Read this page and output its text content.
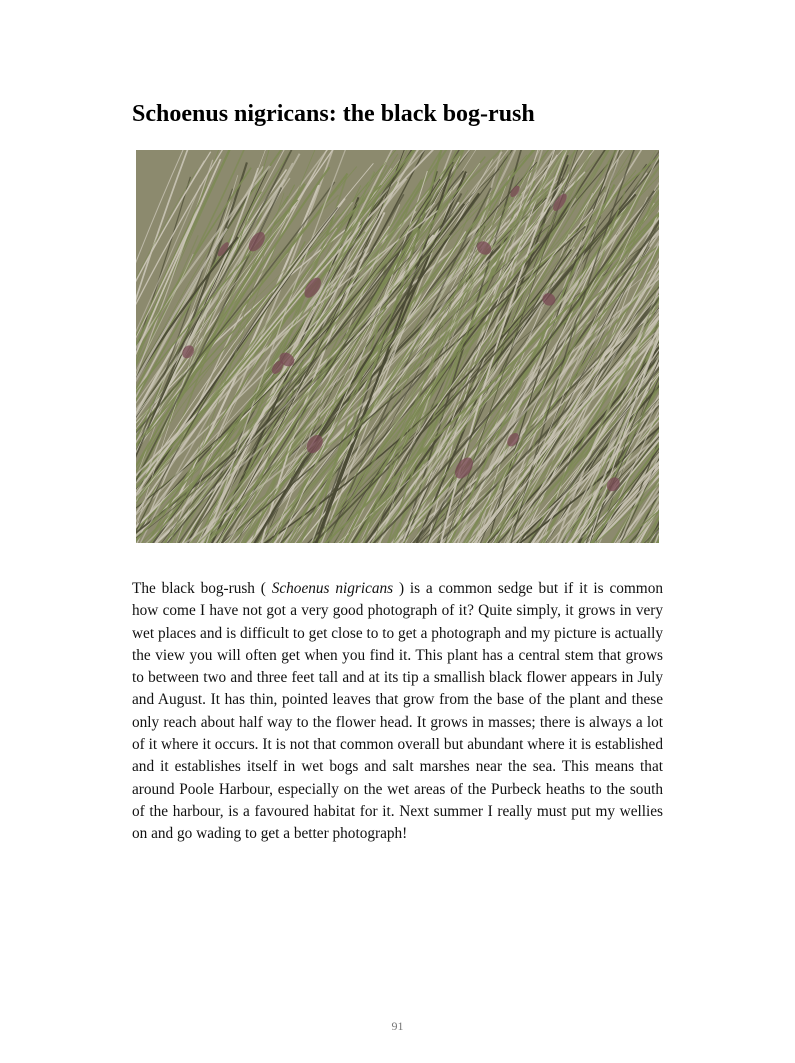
Schoenus nigricans: the black bog-rush

The black bog-rush ( Schoenus nigricans ) is a common sedge but if it is common how come I have not got a very good photograph of it? Quite simply, it grows in very wet places and is difficult to get close to to get a photograph and my picture is actually the view you will often get when you find it. This plant has a central stem that grows to between two and three feet tall and at its tip a smallish black flower appears in July and August. It has thin, pointed leaves that grow from the base of the plant and these only reach about half way to the flower head. It grows in masses; there is always a lot of it where it occurs. It is not that common overall but abundant where it is established and it establishes itself in wet bogs and salt marshes near the sea. This means that around Poole Harbour, especially on the wet areas of the Purbeck heaths to the south of the harbour, is a favoured habitat for it. Next summer I really must put my wellies on and go wading to get a better photograph!

91
